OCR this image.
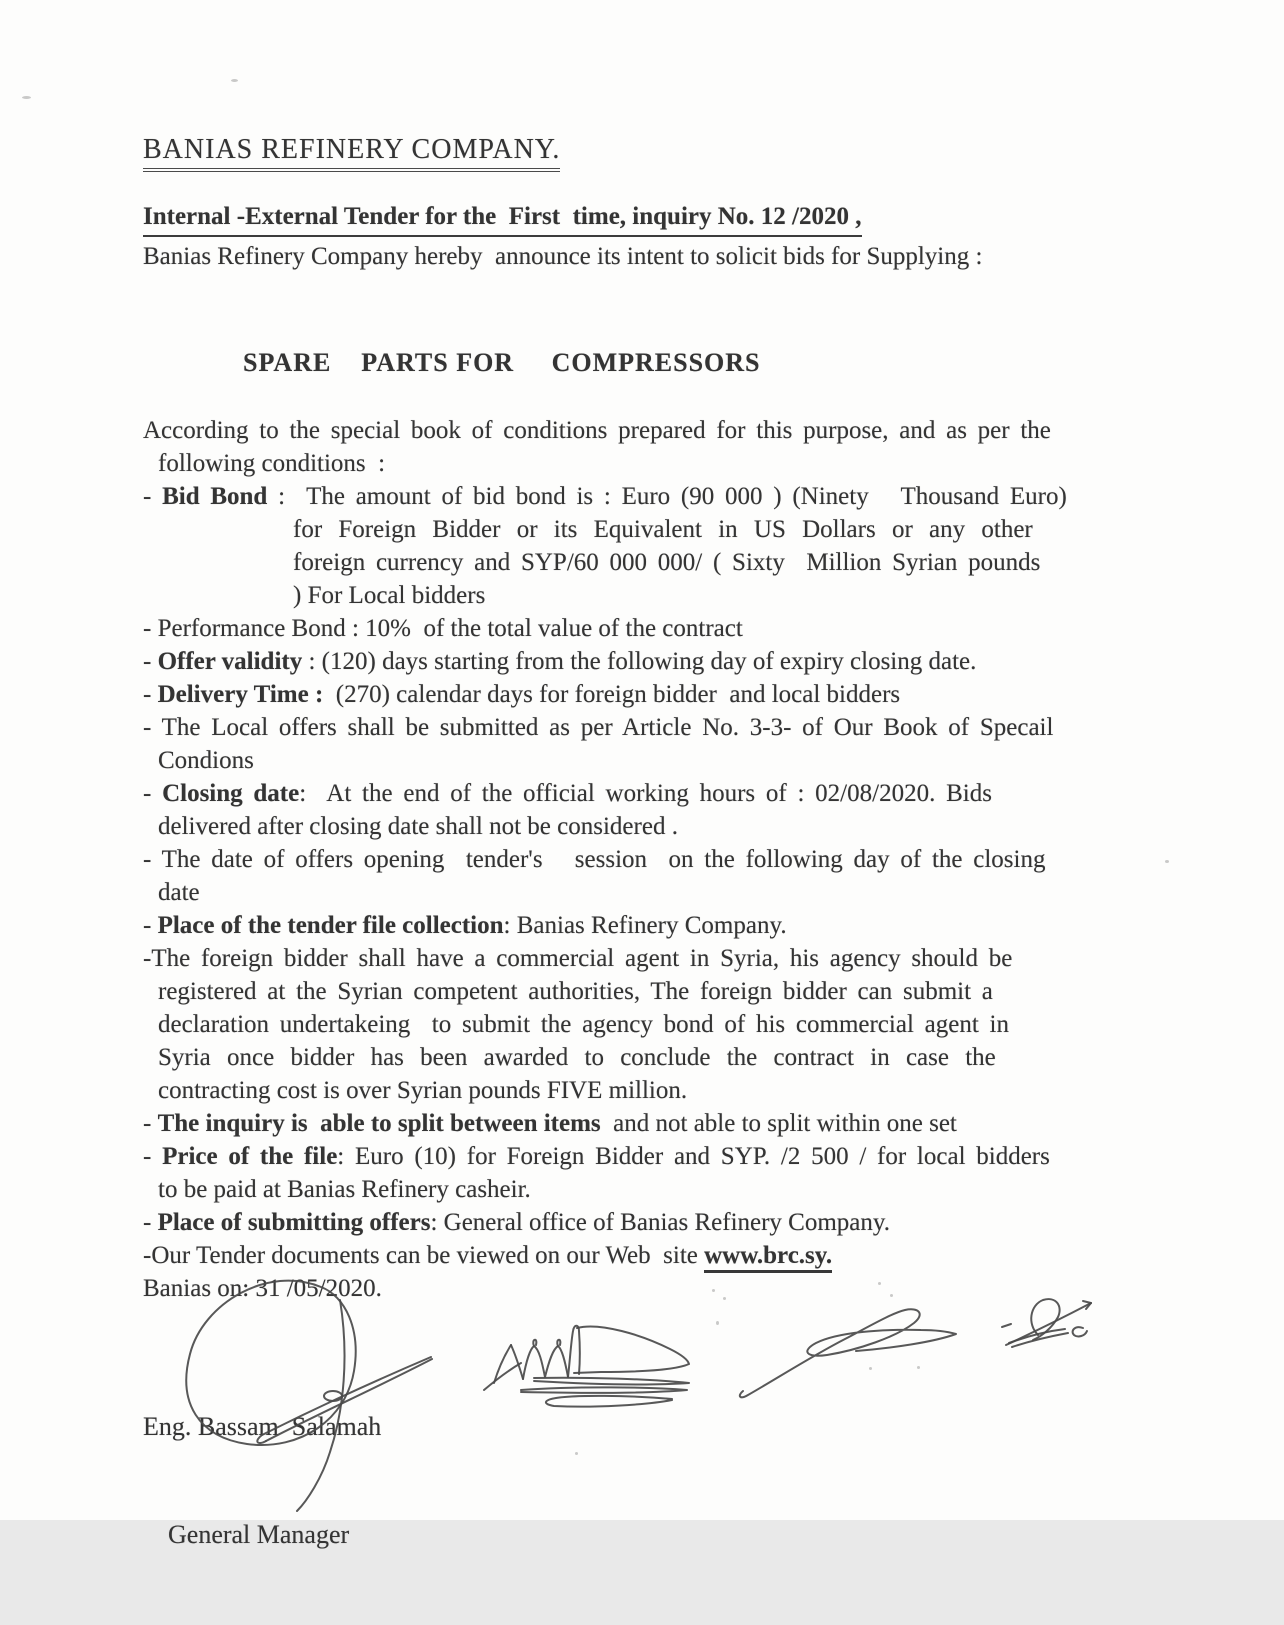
BANIAS REFINERY COMPANY.
Internal -External Tender for the  First  time, inquiry No. 12 /2020 ,
Banias Refinery Company hereby  announce its intent to solicit bids for Supplying :
SPARE    PARTS FOR     COMPRESSORS
According to the special book of conditions prepared for this purpose, and as per the
following conditions  :
- Bid Bond :  The amount of bid bond is : Euro (90 000 ) (Ninety   Thousand Euro)
for Foreign Bidder or its Equivalent in US Dollars or any other
foreign currency and SYP/60 000 000/ ( Sixty  Million Syrian pounds
) For Local bidders
- Performance Bond : 10%  of the total value of the contract
- Offer validity : (120) days starting from the following day of expiry closing date.
- Delivery Time :  (270) calendar days for foreign bidder  and local bidders
- The Local offers shall be submitted as per Article No. 3-3- of Our Book of Specail
Condions
- Closing date:  At the end of the official working hours of : 02/08/2020. Bids
delivered after closing date shall not be considered .
- The date of offers opening  tender's   session  on the following day of the closing
date
- Place of the tender file collection: Banias Refinery Company.
-The foreign bidder shall have a commercial agent in Syria, his agency should be
registered at the Syrian competent authorities, The foreign bidder can submit a
declaration undertakeing  to submit the agency bond of his commercial agent in
Syria once bidder has been awarded to conclude the contract in case the
contracting cost is over Syrian pounds FIVE million.
- The inquiry is  able to split between items  and not able to split within one set
- Price of the file: Euro (10) for Foreign Bidder and SYP. /2 500 / for local bidders
to be paid at Banias Refinery casheir.
- Place of submitting offers: General office of Banias Refinery Company.
-Our Tender documents can be viewed on our Web  site www.brc.sy.
Banias on: 31 /05/2020.

Eng. Bassam  Salamah

General Manager
